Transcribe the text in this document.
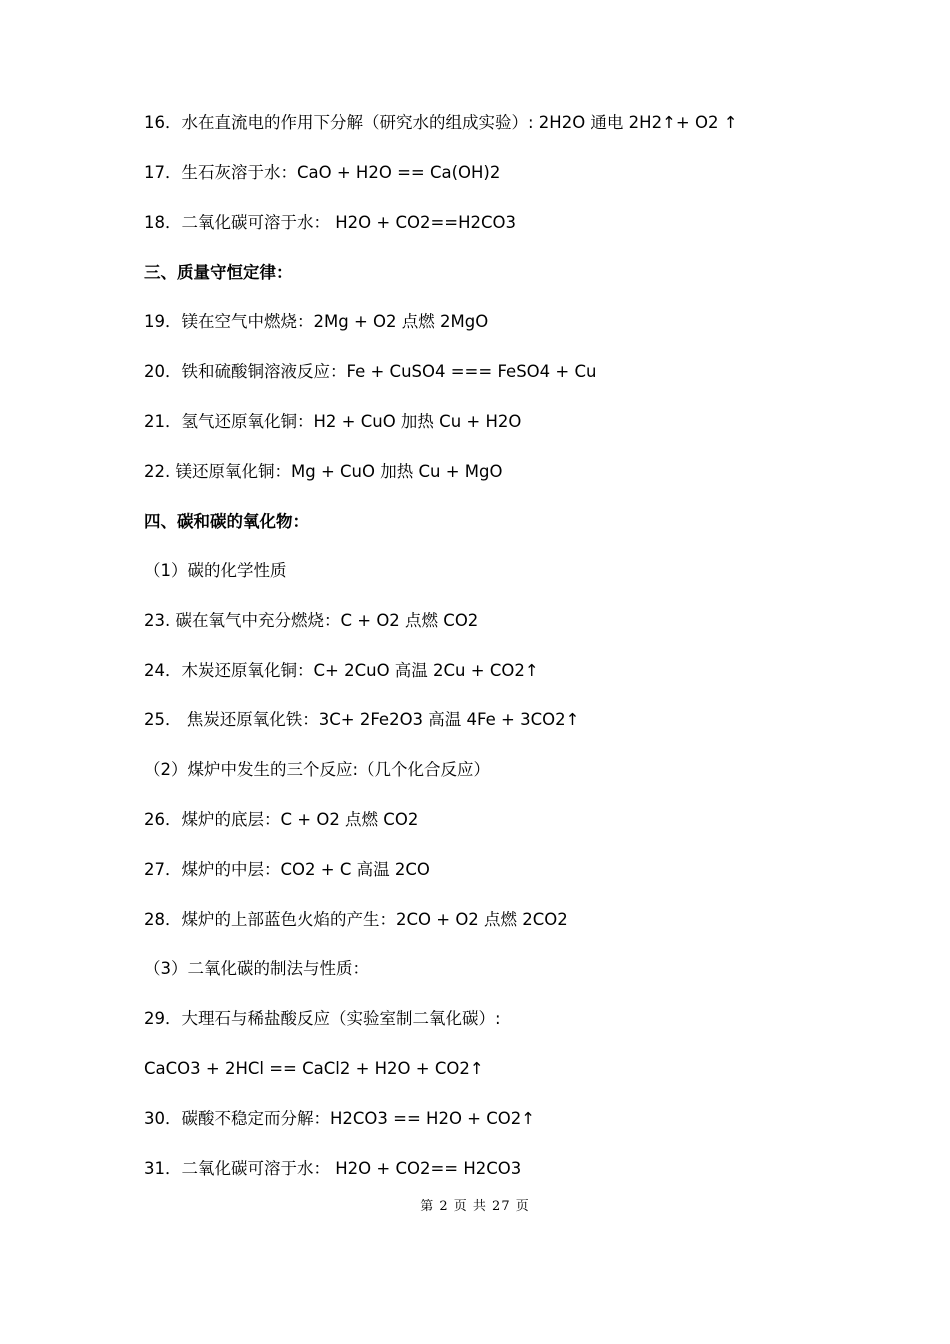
16．水在直流电的作用下分解（研究水的组成实验）: 2H2O 通电 2H2↑+ O2 ↑
17．生石灰溶于水：CaO + H2O == Ca(OH)2
18．二氧化碳可溶于水： H2O + CO2==H2CO3
三、质量守恒定律：
19．镁在空气中燃烧：2Mg + O2 点燃 2MgO
20．铁和硫酸铜溶液反应：Fe + CuSO4 === FeSO4 + Cu
21．氢气还原氧化铜：H2 + CuO 加热 Cu + H2O
22. 镁还原氧化铜：Mg + CuO 加热 Cu + MgO
四、碳和碳的氧化物：
（1）碳的化学性质
23. 碳在氧气中充分燃烧：C + O2 点燃 CO2
24．木炭还原氧化铜：C+ 2CuO 高温 2Cu + CO2↑
25． 焦炭还原氧化铁：3C+ 2Fe2O3 高温 4Fe + 3CO2↑
（2）煤炉中发生的三个反应:（几个化合反应）
26．煤炉的底层：C + O2 点燃 CO2
27．煤炉的中层：CO2 + C 高温 2CO
28．煤炉的上部蓝色火焰的产生：2CO + O2 点燃 2CO2
（3）二氧化碳的制法与性质：
29．大理石与稀盐酸反应（实验室制二氧化碳）:
CaCO3 + 2HCl == CaCl2 + H2O + CO2↑
30．碳酸不稳定而分解：H2CO3 == H2O + CO2↑
31．二氧化碳可溶于水： H2O + CO2== H2CO3
第 2 页 共 27 页
